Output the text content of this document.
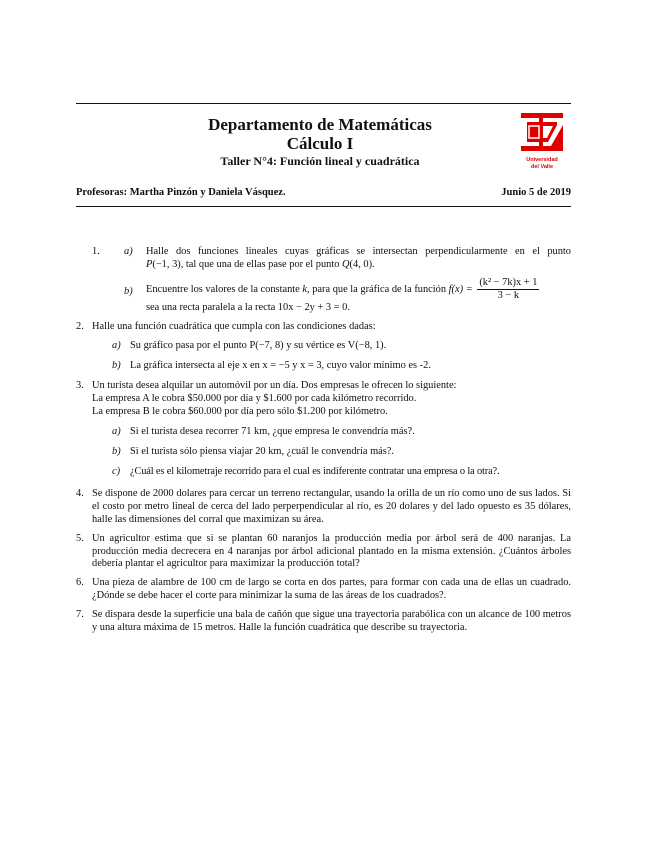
Departamento de Matemáticas
Cálculo I
Taller N°4: Función lineal y cuadrática	Universidad
del Valle
Profesoras: Martha Pinzón y Daniela Vásquez.	Junio 5 de 2019
1. a) Halle dos funciones lineales cuyas gráficas se intersectan perpendicularmente en el punto
P(−1, 3), tal que una de ellas pase por el punto Q(4, 0).
b) Encuentre los valores de la constante k, para que la gráfica de la función $f(x) = \frac{\text{(k² − 7k)x + 1}}{3 - k}$
sea una recta paralela a la recta 10x − 2y + 3 = 0.
2. Halle una función cuadrática que cumpla con las condiciones dadas:
a) Su gráfico pasa por el punto P(−7, 8) y su vértice es V(−8, 1).
b) La gráfica intersecta al eje x en x = −5 y x = 3, cuyo valor mínimo es -2.
3. Un turista desea alquilar un automóvil por un día. Dos empresas le ofrecen lo siguiente:
La empresa A le cobra $50.000 por día y $1.600 por cada kilómetro recorrido.
La empresa B le cobra $60.000 por día pero sólo $1.200 por kilómetro.
a) Si el turista desea recorrer 71 km, ¿que empresa le convendría más?.
b) Si el turista sólo piensa viajar 20 km, ¿cuál le convendría más?.
c) ¿Cuál es el kilometraje recorrido para el cual es indiferente contratar una empresa o la otra?.
4. Se dispone de 2000 dolares para cercar un terreno rectangular, usando la orilla de un río como uno de sus lados. Si el costo por metro lineal de cerca del lado perperpendicular al río, es 20 dolares y del lado opuesto es 35 dólares, halle las dimensiones del corral que maximizan su área.
5. Un agricultor estima que si se plantan 60 naranjos la producción media por árbol será de 400 naranjas. La producción media decrecera en 4 naranjas por árbol adicional plantado en la misma extensión. ¿Cuántos árboles debería plantar el agricultor para maximizar la producción total?
6. Una pieza de alambre de 100 cm de largo se corta en dos partes, para formar con cada una de ellas un cuadrado. ¿Dónde se debe hacer el corte para minimizar la suma de las áreas de los cuadrados?.
7. Se dispara desde la superficie una bala de cañón que sigue una trayectoria parabólica con un alcance de 100 metros y una altura máxima de 15 metros. Halle la función cuadrática que describe su trayectoria.
